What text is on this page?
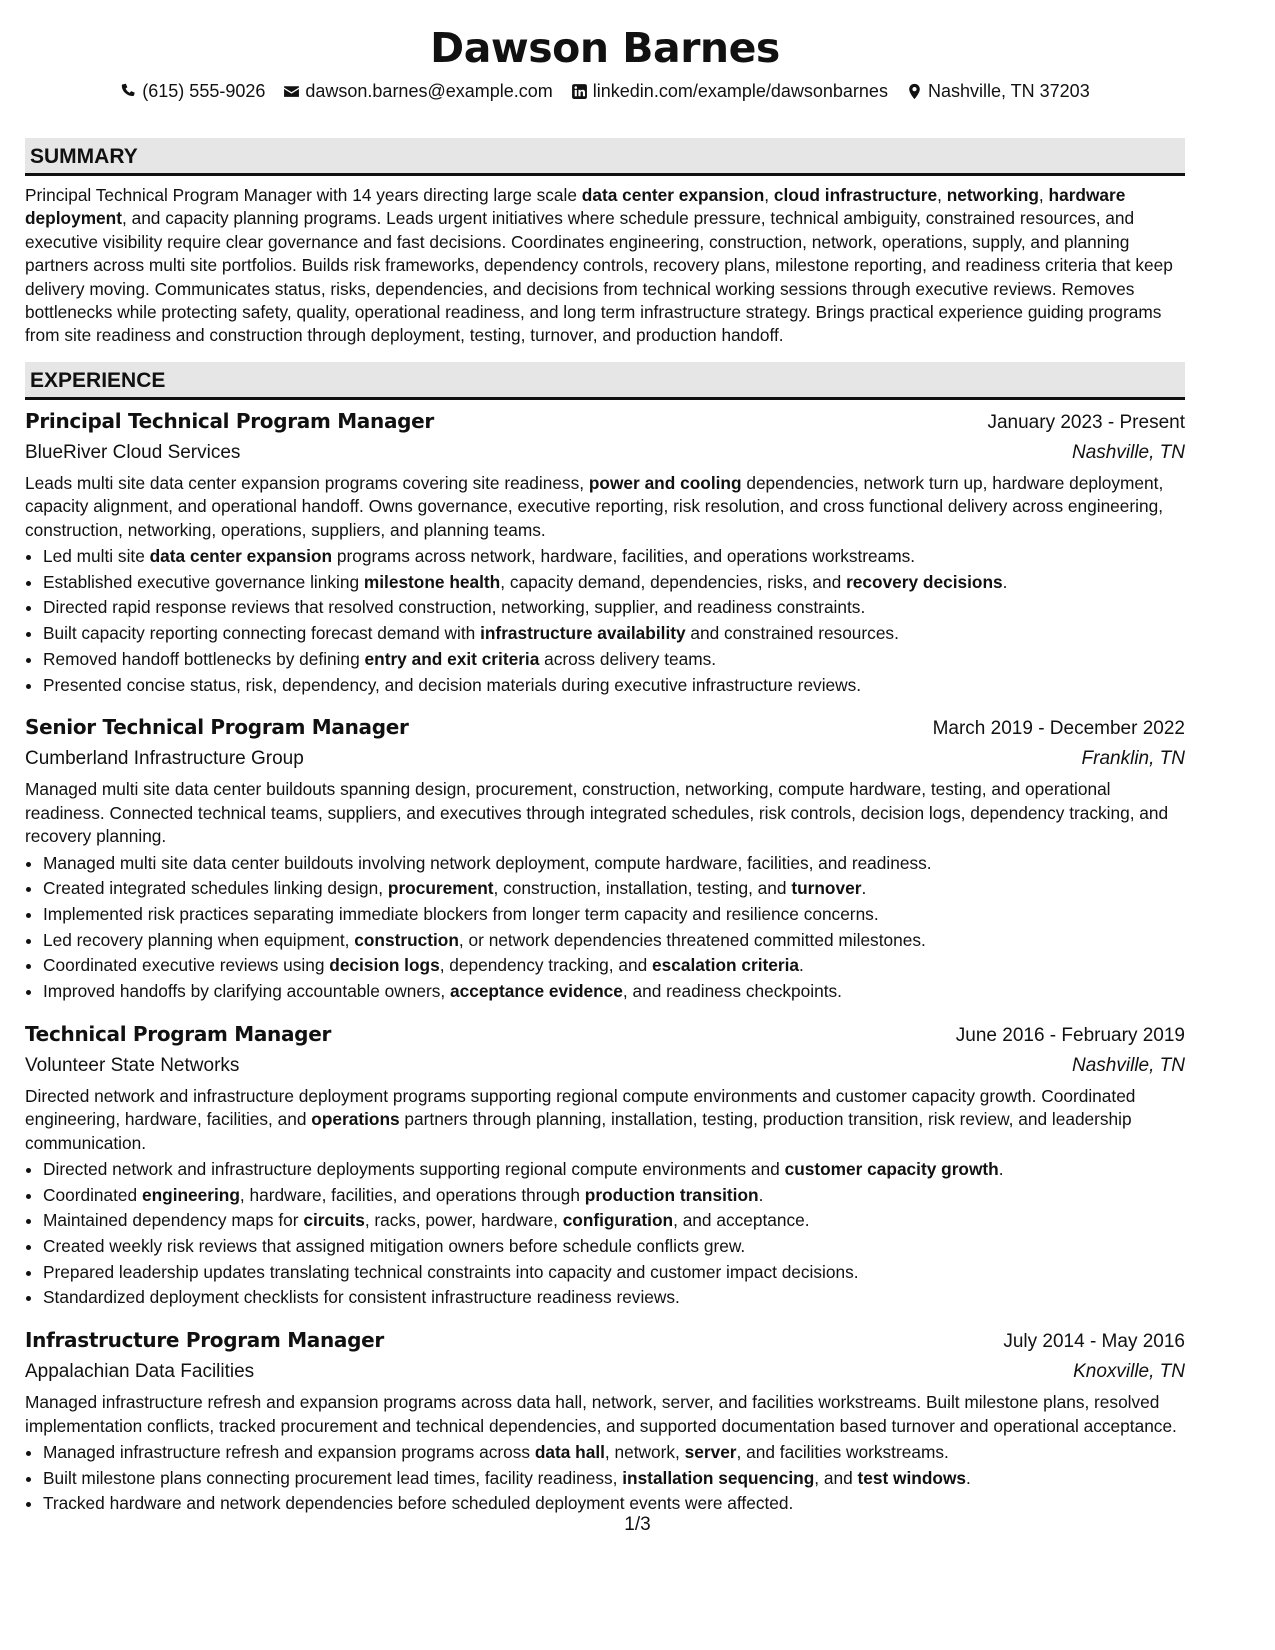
Dawson Barnes
(615) 555-9026 dawson.barnes@example.com linkedin.com/example/dawsonbarnes Nashville, TN 37203
SUMMARY

Principal Technical Program Manager with 14 years directing large scale data center expansion, cloud infrastructure, networking, hardware deployment, and capacity planning programs. Leads urgent initiatives where schedule pressure, technical ambiguity, constrained resources, and executive visibility require clear governance and fast decisions. Coordinates engineering, construction, network, operations, supply, and planning partners across multi site portfolios. Builds risk frameworks, dependency controls, recovery plans, milestone reporting, and readiness criteria that keep delivery moving. Communicates status, risks, dependencies, and decisions from technical working sessions through executive reviews. Removes bottlenecks while protecting safety, quality, operational readiness, and long term infrastructure strategy. Brings practical experience guiding programs from site readiness and construction through deployment, testing, turnover, and production handoff.

EXPERIENCE
Principal Technical Program Manager	January 2023 - Present
BlueRiver Cloud Services	Nashville, TN

Leads multi site data center expansion programs covering site readiness, power and cooling dependencies, network turn up, hardware deployment, capacity alignment, and operational handoff. Owns governance, executive reporting, risk resolution, and cross functional delivery across engineering, construction, networking, operations, suppliers, and planning teams.

• Led multi site data center expansion programs across network, hardware, facilities, and operations workstreams.
• Established executive governance linking milestone health, capacity demand, dependencies, risks, and recovery decisions.
• Directed rapid response reviews that resolved construction, networking, supplier, and readiness constraints.
• Built capacity reporting connecting forecast demand with infrastructure availability and constrained resources.
• Removed handoff bottlenecks by defining entry and exit criteria across delivery teams.
• Presented concise status, risk, dependency, and decision materials during executive infrastructure reviews.
Senior Technical Program Manager	March 2019 - December 2022
Cumberland Infrastructure Group	Franklin, TN

Managed multi site data center buildouts spanning design, procurement, construction, networking, compute hardware, testing, and operational readiness. Connected technical teams, suppliers, and executives through integrated schedules, risk controls, decision logs, dependency tracking, and recovery planning.

• Managed multi site data center buildouts involving network deployment, compute hardware, facilities, and readiness.
• Created integrated schedules linking design, procurement, construction, installation, testing, and turnover.
• Implemented risk practices separating immediate blockers from longer term capacity and resilience concerns.
• Led recovery planning when equipment, construction, or network dependencies threatened committed milestones.
• Coordinated executive reviews using decision logs, dependency tracking, and escalation criteria.
• Improved handoffs by clarifying accountable owners, acceptance evidence, and readiness checkpoints.
Technical Program Manager	June 2016 - February 2019
Volunteer State Networks	Nashville, TN

Directed network and infrastructure deployment programs supporting regional compute environments and customer capacity growth. Coordinated engineering, hardware, facilities, and operations partners through planning, installation, testing, production transition, risk review, and leadership communication.

• Directed network and infrastructure deployments supporting regional compute environments and customer capacity growth.
• Coordinated engineering, hardware, facilities, and operations through production transition.
• Maintained dependency maps for circuits, racks, power, hardware, configuration, and acceptance.
• Created weekly risk reviews that assigned mitigation owners before schedule conflicts grew.
• Prepared leadership updates translating technical constraints into capacity and customer impact decisions.
• Standardized deployment checklists for consistent infrastructure readiness reviews.
Infrastructure Program Manager	July 2014 - May 2016
Appalachian Data Facilities	Knoxville, TN

Managed infrastructure refresh and expansion programs across data hall, network, server, and facilities workstreams. Built milestone plans, resolved implementation conflicts, tracked procurement and technical dependencies, and supported documentation based turnover and operational acceptance.

• Managed infrastructure refresh and expansion programs across data hall, network, server, and facilities workstreams.
• Built milestone plans connecting procurement lead times, facility readiness, installation sequencing, and test windows.
• Tracked hardware and network dependencies before scheduled deployment events were affected.
1/3
